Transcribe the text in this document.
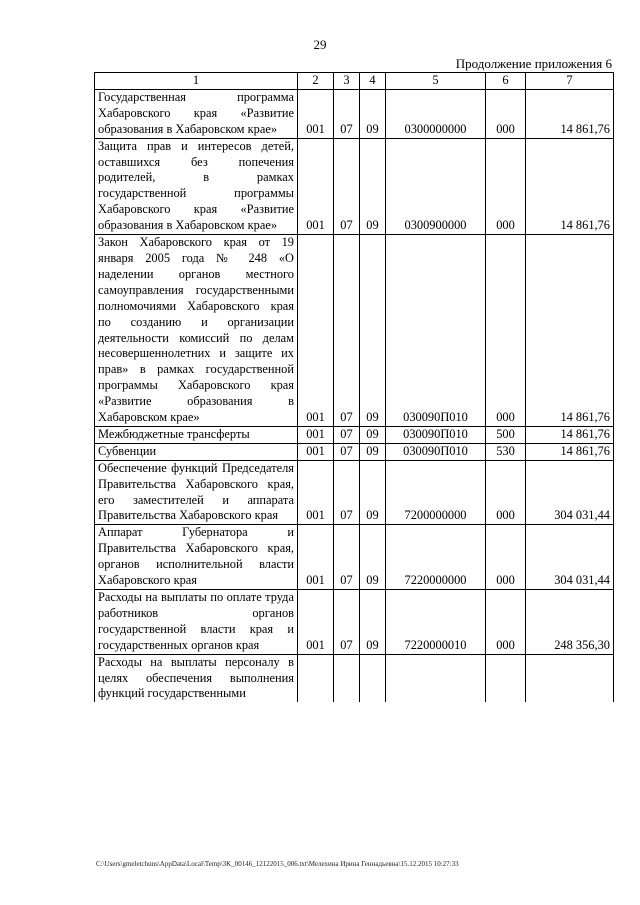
29
Продолжение приложения 6
1	2	3	4	5	6	7
Государственная программа Хабаровского края «Развитие образования в Хабаровском крае»	001	07	09	0300000000	000	14 861,76
Защита прав и интересов детей, оставшихся без попечения родителей, в рамках государственной программы Хабаровского края «Развитие образования в Хабаровском крае»	001	07	09	0300900000	000	14 861,76
Закон Хабаровского края от 19 января 2005 года № 248 «О наделении органов местного самоуправления государственными полномочиями Хабаровского края по созданию и организации деятельности комиссий по делам несовершеннолетних и защите их прав» в рамках государственной программы Хабаровского края «Развитие образования в Хабаровском крае»	001	07	09	030090П010	000	14 861,76
Межбюджетные трансферты	001	07	09	030090П010	500	14 861,76
Субвенции	001	07	09	030090П010	530	14 861,76
Обеспечение функций Председателя Правительства Хабаровского края, его заместителей и аппарата Правительства Хабаровского края	001	07	09	7200000000	000	304 031,44
Аппарат Губернатора и Правительства Хабаровского края, органов исполнительной власти Хабаровского края	001	07	09	7220000000	000	304 031,44
Расходы на выплаты по оплате труда работников органов государственной власти края и государственных органов края	001	07	09	7220000010	000	248 356,30
Расходы на выплаты персоналу в целях обеспечения выполнения функций государственными						
C:\Users\gmeletchuns\AppData\Local\Temp\3K_00146_12122015_006.txt\Мелехина Ирина Геннадьевна\15.12.2015 10:27:33
